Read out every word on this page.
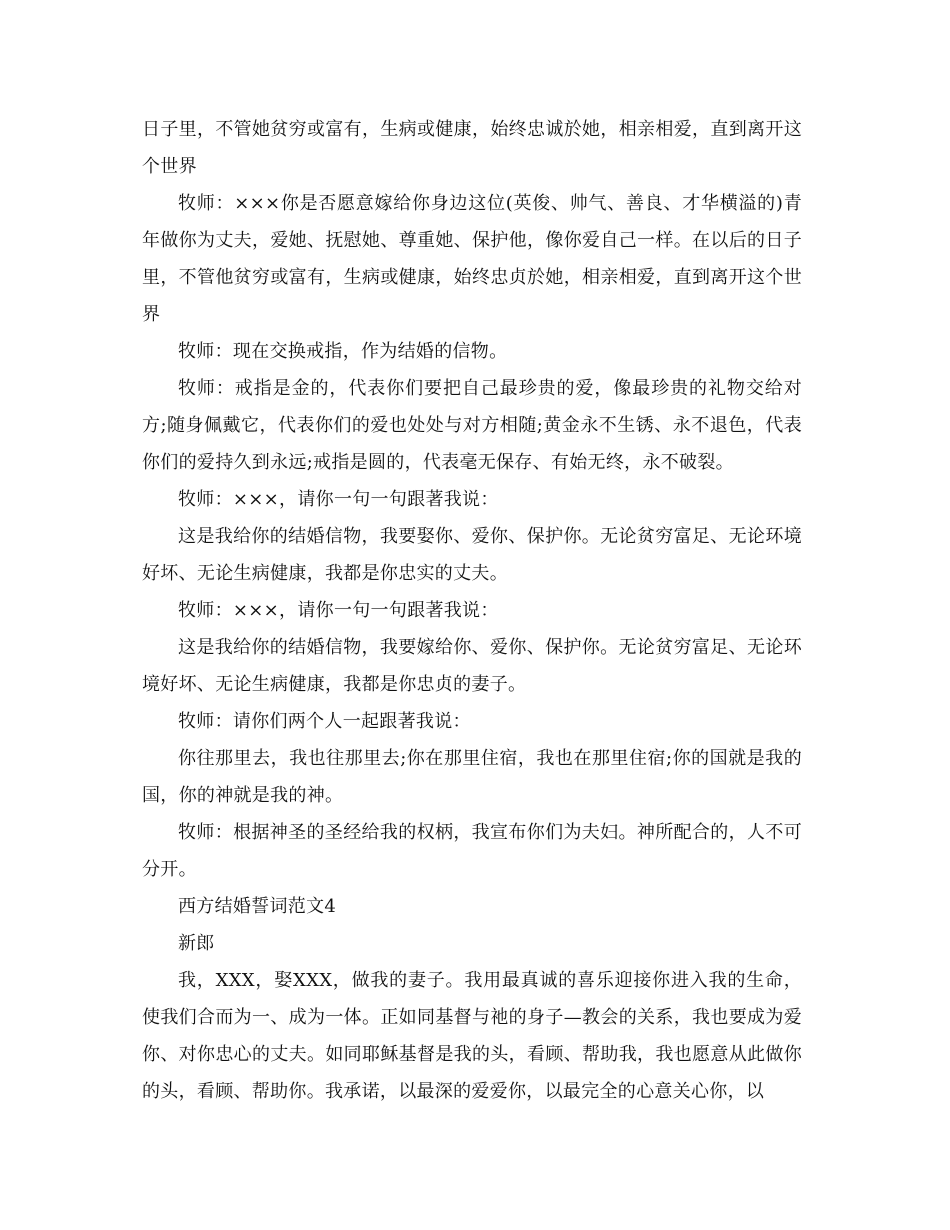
日子里，不管她贫穷或富有，生病或健康，始终忠诚於她，相亲相爱，直到离开这个世界

牧师：×××你是否愿意嫁给你身边这位(英俊、帅气、善良、才华横溢的)青年做你为丈夫，爱她、抚慰她、尊重她、保护他，像你爱自己一样。在以后的日子里，不管他贫穷或富有，生病或健康，始终忠贞於她，相亲相爱，直到离开这个世界

牧师：现在交换戒指，作为结婚的信物。

牧师：戒指是金的，代表你们要把自己最珍贵的爱，像最珍贵的礼物交给对方;随身佩戴它，代表你们的爱也处处与对方相随;黄金永不生锈、永不退色，代表你们的爱持久到永远;戒指是圆的，代表毫无保存、有始无终，永不破裂。

牧师：×××，请你一句一句跟著我说：

这是我给你的结婚信物，我要娶你、爱你、保护你。无论贫穷富足、无论环境好坏、无论生病健康，我都是你忠实的丈夫。

牧师：×××，请你一句一句跟著我说：

这是我给你的结婚信物，我要嫁给你、爱你、保护你。无论贫穷富足、无论环境好坏、无论生病健康，我都是你忠贞的妻子。

牧师：请你们两个人一起跟著我说：

你往那里去，我也往那里去;你在那里住宿，我也在那里住宿;你的国就是我的国，你的神就是我的神。

牧师：根据神圣的圣经给我的权柄，我宣布你们为夫妇。神所配合的，人不可分开。

西方结婚誓词范文4

新郎

我，XXX，娶XXX，做我的妻子。我用最真诚的喜乐迎接你进入我的生命，使我们合而为一、成为一体。正如同基督与祂的身子—教会的关系，我也要成为爱你、对你忠心的丈夫。如同耶稣基督是我的头，看顾、帮助我，我也愿意从此做你的头，看顾、帮助你。我承诺，以最深的爱爱你，以最完全的心意关心你，以
